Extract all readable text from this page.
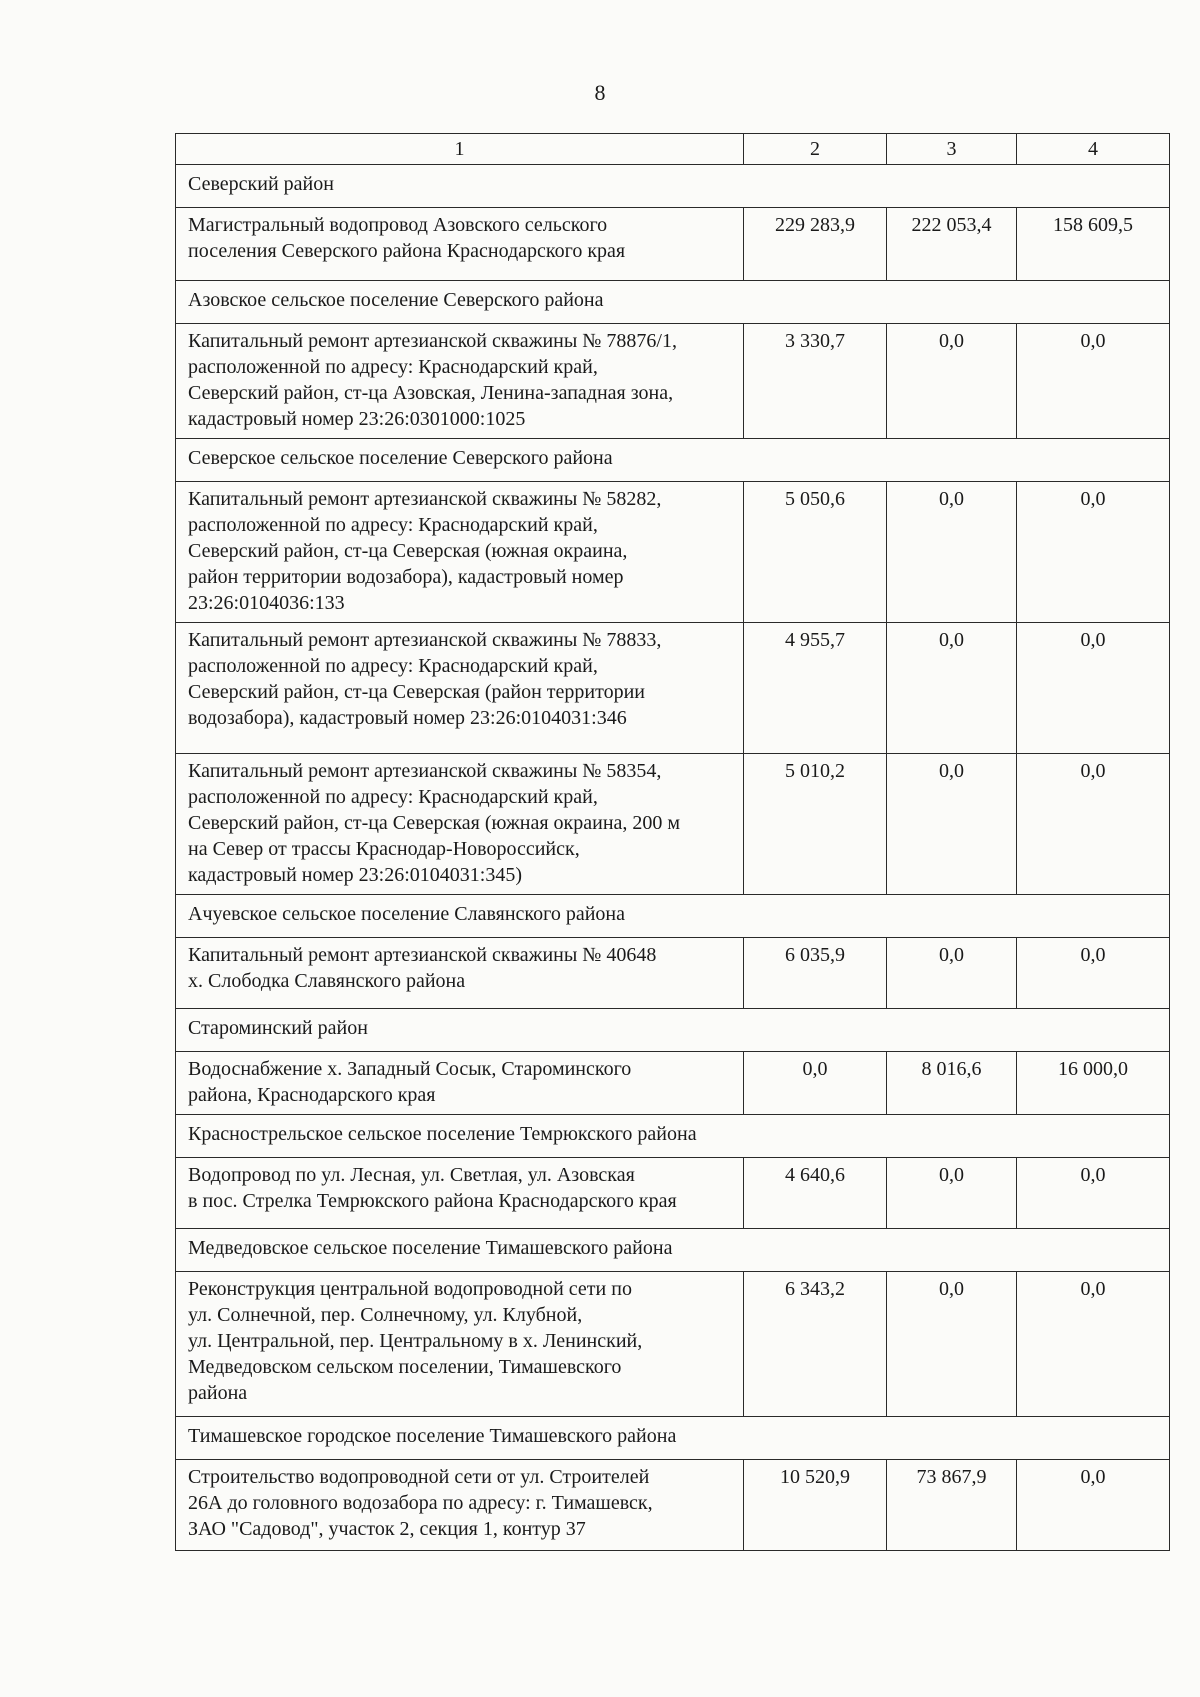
8
1	2	3	4
Северский район			
Магистральный водопровод Азовского сельского
поселения Северского района Краснодарского края	229 283,9	222 053,4	158 609,5
Азовское сельское поселение Северского района			
Капитальный ремонт артезианской скважины № 78876/1,
расположенной по адресу: Краснодарский край,
Северский район, ст-ца Азовская, Ленина-западная зона,
кадастровый номер 23:26:0301000:1025	3 330,7	0,0	0,0
Северское сельское поселение Северского района			
Капитальный ремонт артезианской скважины № 58282,
расположенной по адресу: Краснодарский край,
Северский район, ст-ца Северская (южная окраина,
район территории водозабора), кадастровый номер
23:26:0104036:133	5 050,6	0,0	0,0
Капитальный ремонт артезианской скважины № 78833,
расположенной по адресу: Краснодарский край,
Северский район, ст-ца Северская (район территории
водозабора), кадастровый номер 23:26:0104031:346	4 955,7	0,0	0,0
Капитальный ремонт артезианской скважины № 58354,
расположенной по адресу: Краснодарский край,
Северский район, ст-ца Северская (южная окраина, 200 м
на Север от трассы Краснодар-Новороссийск,
кадастровый номер 23:26:0104031:345)	5 010,2	0,0	0,0
Ачуевское сельское поселение Славянского района			
Капитальный ремонт артезианской скважины № 40648
х. Слободка Славянского района	6 035,9	0,0	0,0
Староминский район			
Водоснабжение х. Западный Сосык, Староминского
района, Краснодарского края	0,0	8 016,6	16 000,0
Краснострельское сельское поселение Темрюкского района			
Водопровод по ул. Лесная, ул. Светлая, ул. Азовская
в пос. Стрелка Темрюкского района Краснодарского края	4 640,6	0,0	0,0
Медведовское сельское поселение Тимашевского района			
Реконструкция центральной водопроводной сети по
ул. Солнечной, пер. Солнечному, ул. Клубной,
ул. Центральной, пер. Центральному в х. Ленинский,
Медведовском сельском поселении, Тимашевского
района	6 343,2	0,0	0,0
Тимашевское городское поселение Тимашевского района			
Строительство водопроводной сети от ул. Строителей
26А до головного водозабора по адресу: г. Тимашевск,
ЗАО "Садовод", участок 2, секция 1, контур 37	10 520,9	73 867,9	0,0
